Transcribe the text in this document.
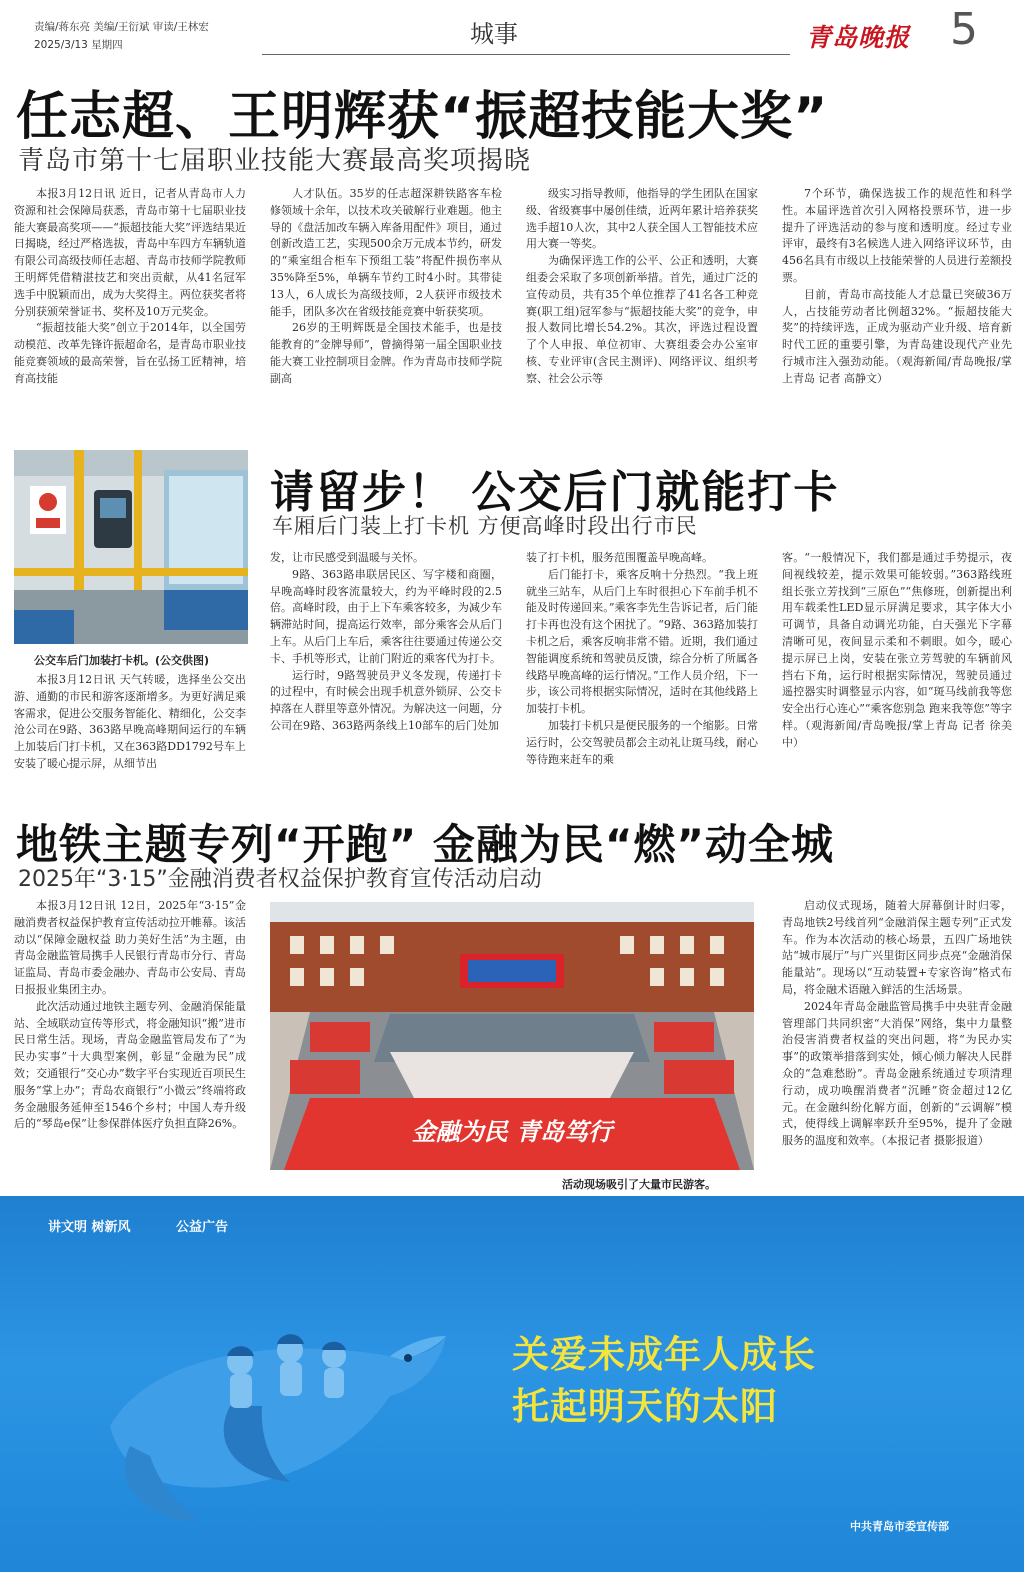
责编/蒋东亮 美编/王衍斌 审读/王林宏
2025/3/13 星期四	城事	青岛晚报 5
任志超、王明辉获“振超技能大奖”
青岛市第十七届职业技能大赛最高奖项揭晓

本报3月12日讯 近日，记者从青岛市人力资源和社会保障局获悉，青岛市第十七届职业技能大赛最高奖项——“振超技能大奖”评选结果近日揭晓，经过严格选拔，青岛中车四方车辆轨道有限公司高级技师任志超、青岛市技师学院教师王明辉凭借精湛技艺和突出贡献，从41名冠军选手中脱颖而出，成为大奖得主。两位获奖者将分别获颁荣誉证书、奖杯及10万元奖金。

“振超技能大奖”创立于2014年，以全国劳动模范、改革先锋许振超命名，是青岛市职业技能竞赛领域的最高荣誉，旨在弘扬工匠精神，培育高技能

人才队伍。35岁的任志超深耕铁路客车检修领域十余年，以技术攻关破解行业难题。他主导的《盘活加改车辆入库备用配件》项目，通过创新改造工艺，实现500余万元成本节约，研发的“乘室组合柜车下预组工装”将配件损伤率从35%降至5%，单辆车节约工时4小时。其带徒13人，6人成长为高级技师，2人获评市级技术能手，团队多次在省级技能竞赛中斩获奖项。

26岁的王明辉既是全国技术能手，也是技能教育的“金牌导师”，曾摘得第一届全国职业技能大赛工业控制项目金牌。作为青岛市技师学院副高

级实习指导教师，他指导的学生团队在国家级、省级赛事中屡创佳绩，近两年累计培养获奖选手超10人次，其中2人获全国人工智能技术应用大赛一等奖。

为确保评选工作的公平、公正和透明，大赛组委会采取了多项创新举措。首先，通过广泛的宣传动员，共有35个单位推荐了41名各工种竞赛(职工组)冠军参与“振超技能大奖”的竞争，申报人数同比增长54.2%。其次，评选过程设置了个人申报、单位初审、大赛组委会办公室审核、专业评审(含民主测评)、网络评议、组织考察、社会公示等

7个环节，确保选拔工作的规范性和科学性。本届评选首次引入网格投票环节，进一步提升了评选活动的参与度和透明度。经过专业评审，最终有3名候选人进入网络评议环节，由456名具有市级以上技能荣誉的人员进行差额投票。

目前，青岛市高技能人才总量已突破36万人，占技能劳动者比例超32%。“振超技能大奖”的持续评选，正成为驱动产业升级、培育新时代工匠的重要引擎，为青岛建设现代产业先行城市注入强劲动能。（观海新闻/青岛晚报/掌上青岛 记者 高静文）

公交车后门加装打卡机。(公交供图)
请留步！ 公交后门就能打卡
车厢后门装上打卡机 方便高峰时段出行市民

本报3月12日讯 天气转暖，选择坐公交出游、通勤的市民和游客逐渐增多。为更好满足乘客需求，促进公交服务智能化、精细化，公交李沧公司在9路、363路早晚高峰期间运行的车辆上加装后门打卡机，又在363路DD1792号车上安装了暖心提示屏，从细节出

发，让市民感受到温暖与关怀。

9路、363路串联居民区、写字楼和商圈，早晚高峰时段客流量较大，约为平峰时段的2.5倍。高峰时段，由于上下车乘客较多，为减少车辆滞站时间，提高运行效率，部分乘客会从后门上车。从后门上车后，乘客往往要通过传递公交卡、手机等形式，让前门附近的乘客代为打卡。

运行时，9路驾驶员尹义冬发现，传递打卡的过程中，有时候会出现手机意外锁屏、公交卡掉落在人群里等意外情况。为解决这一问题，分公司在9路、363路两条线上10部车的后门处加

装了打卡机，服务范围覆盖早晚高峰。

后门能打卡，乘客反响十分热烈。“我上班就坐三站车，从后门上车时很担心下车前手机不能及时传递回来。”乘客李先生告诉记者，后门能打卡再也没有这个困扰了。“9路、363路加装打卡机之后，乘客反响非常不错。近期，我们通过智能调度系统和驾驶员反馈，综合分析了所属各线路早晚高峰的运行情况。”工作人员介绍，下一步，该公司将根据实际情况，适时在其他线路上加装打卡机。

加装打卡机只是便民服务的一个缩影。日常运行时，公交驾驶员都会主动礼让斑马线，耐心等待跑来赶车的乘

客。“一般情况下，我们都是通过手势提示，夜间视线较差，提示效果可能较弱。”363路线班组长张立芳找到“三原色”“焦修班，创新提出利用车载柔性LED显示屏满足要求，其字体大小可调节，具备自动调光功能，白天强光下字幕清晰可见，夜间显示柔和不刺眼。如今，暖心提示屏已上岗，安装在张立芳驾驶的车辆前风挡右下角，运行时根据实际情况，驾驶员通过遥控器实时调整显示内容，如“斑马线前我等您 安全出行心连心”“乘客您别急 跑来我等您”等字样。（观海新闻/青岛晚报/掌上青岛 记者 徐美中）

地铁主题专列“开跑” 金融为民“燃”动全城
2025年“3·15”金融消费者权益保护教育宣传活动启动

本报3月12日讯 12日，2025年“3·15”金融消费者权益保护教育宣传活动拉开帷幕。该活动以“保障金融权益 助力美好生活”为主题，由青岛金融监管局携手人民银行青岛市分行、青岛证监局、青岛市委金融办、青岛市公安局、青岛日报报业集团主办。

此次活动通过地铁主题专列、金融消保能量站、全域联动宣传等形式，将金融知识“搬”进市民日常生活。现场，青岛金融监管局发布了“为民办实事”十大典型案例，彰显“金融为民”成效；交通银行“交心办”数字平台实现近百项民生服务“掌上办”；青岛农商银行“小微云”终端将政务金融服务延伸至1546个乡村；中国人寿升级后的“琴岛e保”让参保群体医疗负担直降26%。	金融为民 青岛笃行
活动现场吸引了大量市民游客。

启动仪式现场，随着大屏幕倒计时归零，青岛地铁2号线首列“金融消保主题专列”正式发车。作为本次活动的核心场景，五四广场地铁站“城市展厅”与广兴里街区同步点亮“金融消保能量站”。现场以“互动装置+专家咨询”格式布局，将金融术语融入鲜活的生活场景。

2024年青岛金融监管局携手中央驻青金融管理部门共同织密“大消保”网络，集中力量整治侵害消费者权益的突出问题，将“为民办实事”的政策举措落到实处，倾心倾力解决人民群众的“急难愁盼”。青岛金融系统通过专项清理行动，成功唤醒消费者“沉睡”资金超过12亿元。在金融纠纷化解方面，创新的“云调解”模式，使得线上调解率跃升至95%，提升了金融服务的温度和效率。（本报记者 摄影报道）

讲文明 树新风	公益广告
关爱未成年人成长
托起明天的太阳
中共青岛市委宣传部
